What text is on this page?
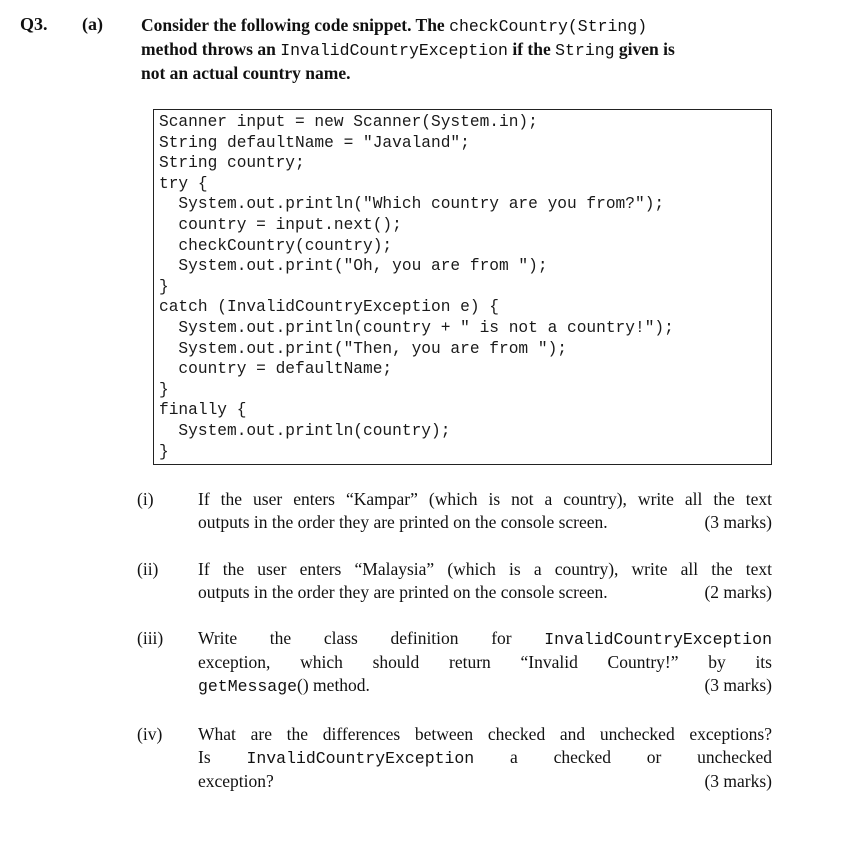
Q3. (a) Consider the following code snippet. The checkCountry(String)
method throws an InvalidCountryException if the String given is
not an actual country name.
Scanner input = new Scanner(System.in);
String defaultName = "Javaland";
String country;
try {
System.out.println("Which country are you from?");
country = input.next();
checkCountry(country);
System.out.print("Oh, you are from ");
}
catch (InvalidCountryException e) {
System.out.println(country + " is not a country!");
System.out.print("Then, you are from ");
country = defaultName;
}
finally {
System.out.println(country);
}
(i)	If the user enters “Kampar” (which is not a country), write all the text
outputs in the order they are printed on the console screen.	(3 marks)
(ii) If the user enters “Malaysia” (which is a country), write all the text
outputs in the order they are printed on the console screen.	(2 marks)
(iii) Write the class definition for InvalidCountryException
exception, which should return “Invalid Country!” by its
getMessage() method.	(3 marks)
(iv) What are the differences between checked and unchecked exceptions?
Is InvalidCountryException a checked or unchecked
exception?	(3 marks)
